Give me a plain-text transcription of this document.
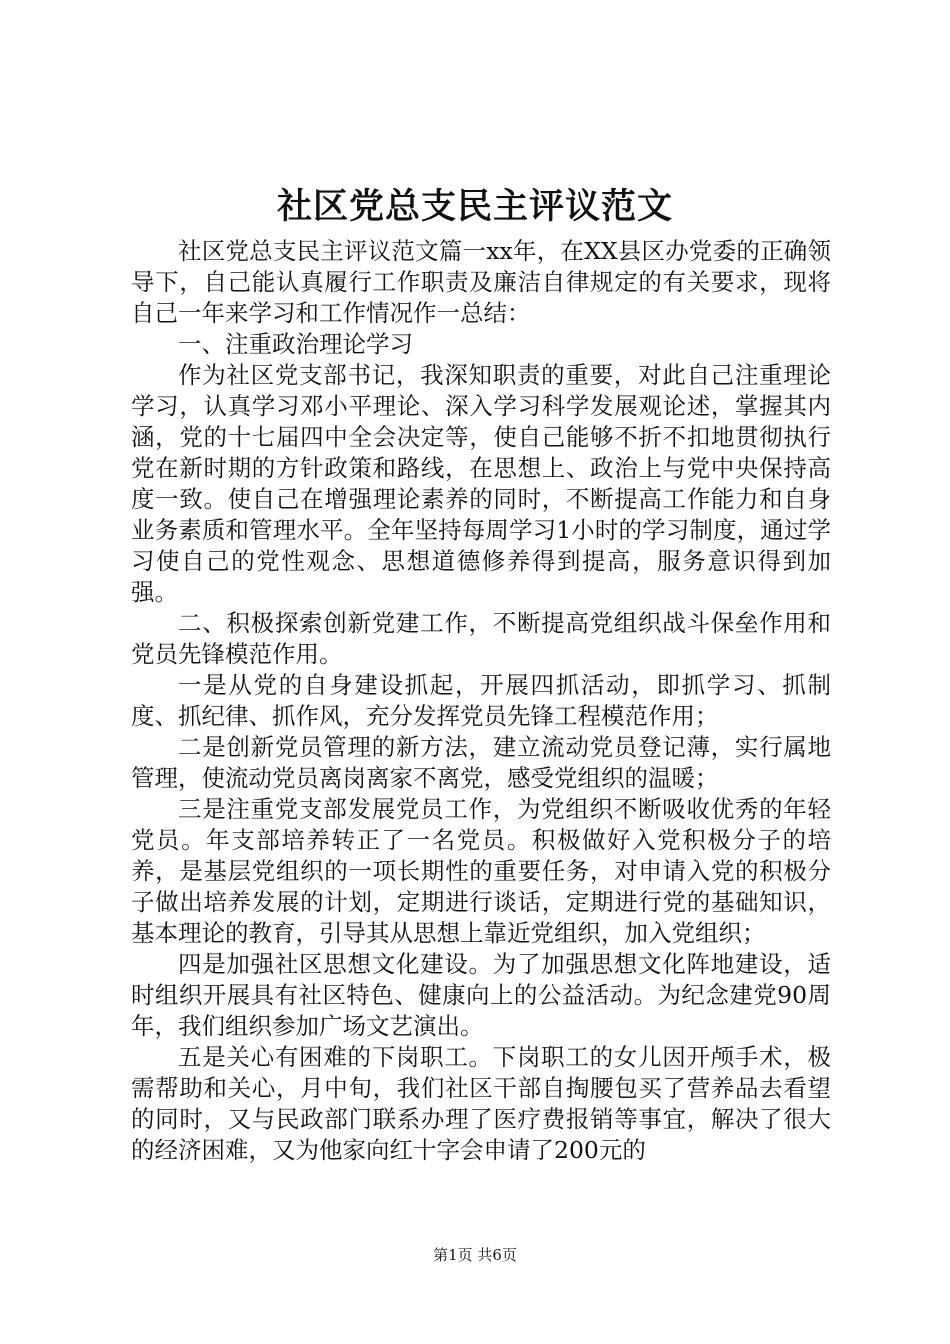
社区党总支民主评议范文

社区党总支民主评议范文篇一xx年，在XX县区办党委的正确领导下，自己能认真履行工作职责及廉洁自律规定的有关要求，现将自己一年来学习和工作情况作一总结：

一、注重政治理论学习

作为社区党支部书记，我深知职责的重要，对此自己注重理论学习，认真学习邓小平理论、深入学习科学发展观论述，掌握其内涵，党的十七届四中全会决定等，使自己能够不折不扣地贯彻执行党在新时期的方针政策和路线，在思想上、政治上与党中央保持高度一致。使自己在增强理论素养的同时，不断提高工作能力和自身业务素质和管理水平。全年坚持每周学习1小时的学习制度，通过学习使自己的党性观念、思想道德修养得到提高，服务意识得到加强。

二、积极探索创新党建工作，不断提高党组织战斗保垒作用和党员先锋模范作用。

一是从党的自身建设抓起，开展四抓活动，即抓学习、抓制度、抓纪律、抓作风，充分发挥党员先锋工程模范作用；

二是创新党员管理的新方法，建立流动党员登记薄，实行属地管理，使流动党员离岗离家不离党，感受党组织的温暖；

三是注重党支部发展党员工作，为党组织不断吸收优秀的年轻党员。年支部培养转正了一名党员。积极做好入党积极分子的培养，是基层党组织的一项长期性的重要任务，对申请入党的积极分子做出培养发展的计划，定期进行谈话，定期进行党的基础知识，基本理论的教育，引导其从思想上靠近党组织，加入党组织；

四是加强社区思想文化建设。为了加强思想文化阵地建设，适时组织开展具有社区特色、健康向上的公益活动。为纪念建党90周年，我们组织参加广场文艺演出。

五是关心有困难的下岗职工。下岗职工的女儿因开颅手术，极需帮助和关心，月中旬，我们社区干部自掏腰包买了营养品去看望的同时，又与民政部门联系办理了医疗费报销等事宜，解决了很大的经济困难，又为他家向红十字会申请了200元的

第1页 共6页
